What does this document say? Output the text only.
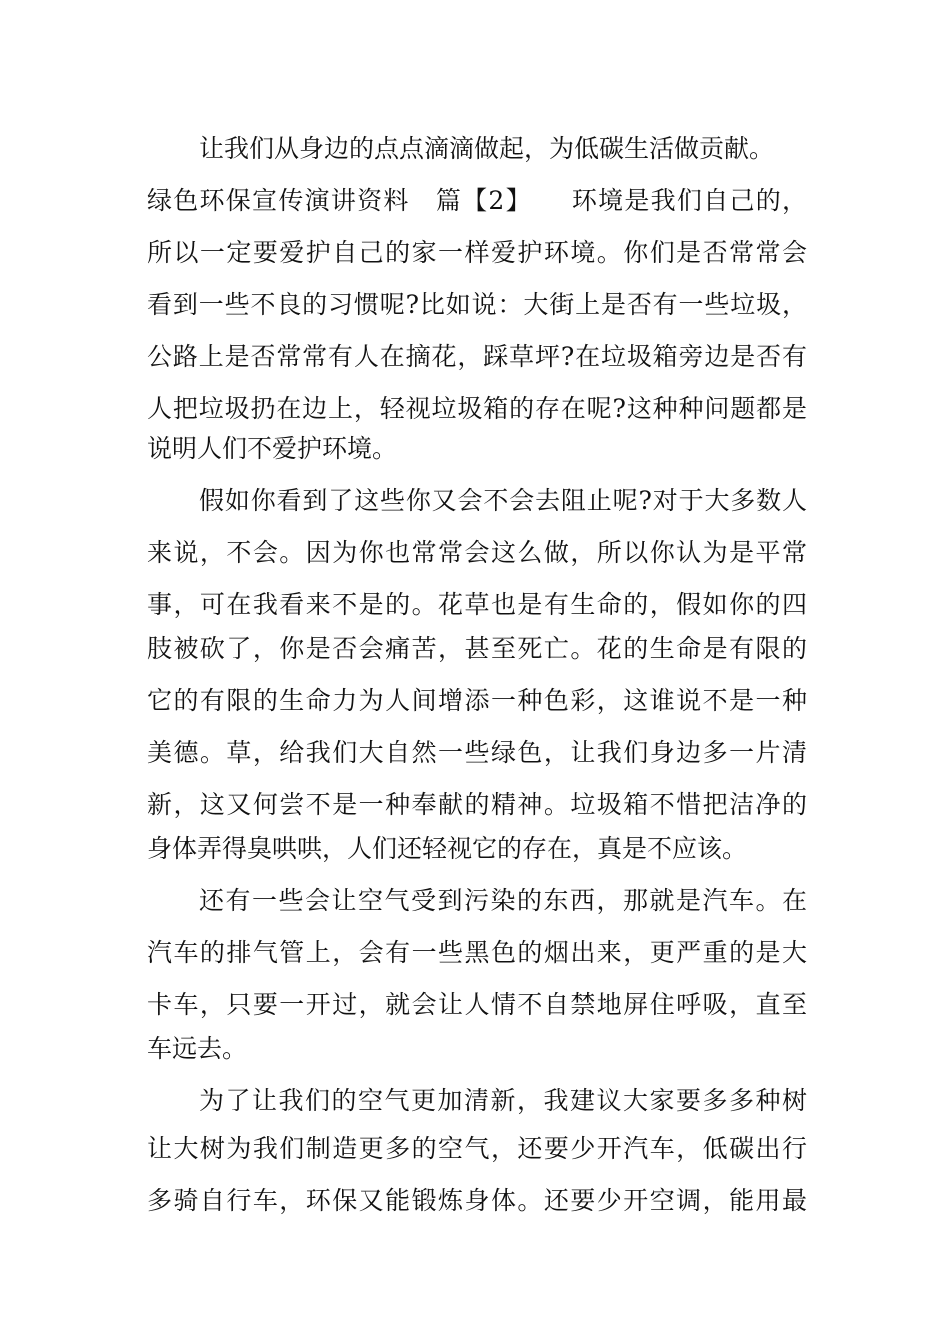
让我们从身边的点点滴滴做起，为低碳生活做贡献。
绿色环保宣传演讲资料　篇【2】　　环境是我们自己的，
所以一定要爱护自己的家一样爱护环境。你们是否常常会
看到一些不良的习惯呢?比如说：大街上是否有一些垃圾，
公路上是否常常有人在摘花，踩草坪?在垃圾箱旁边是否有
人把垃圾扔在边上，轻视垃圾箱的存在呢?这种种问题都是
说明人们不爱护环境。
假如你看到了这些你又会不会去阻止呢?对于大多数人
来说，不会。因为你也常常会这么做，所以你认为是平常
事，可在我看来不是的。花草也是有生命的，假如你的四
肢被砍了，你是否会痛苦，甚至死亡。花的生命是有限的
它的有限的生命力为人间增添一种色彩，这谁说不是一种
美德。草，给我们大自然一些绿色，让我们身边多一片清
新，这又何尝不是一种奉献的精神。垃圾箱不惜把洁净的
身体弄得臭哄哄，人们还轻视它的存在，真是不应该。
还有一些会让空气受到污染的东西，那就是汽车。在
汽车的排气管上，会有一些黑色的烟出来，更严重的是大
卡车，只要一开过，就会让人情不自禁地屏住呼吸，直至
车远去。
为了让我们的空气更加清新，我建议大家要多多种树
让大树为我们制造更多的空气，还要少开汽车，低碳出行
多骑自行车，环保又能锻炼身体。还要少开空调，能用最
